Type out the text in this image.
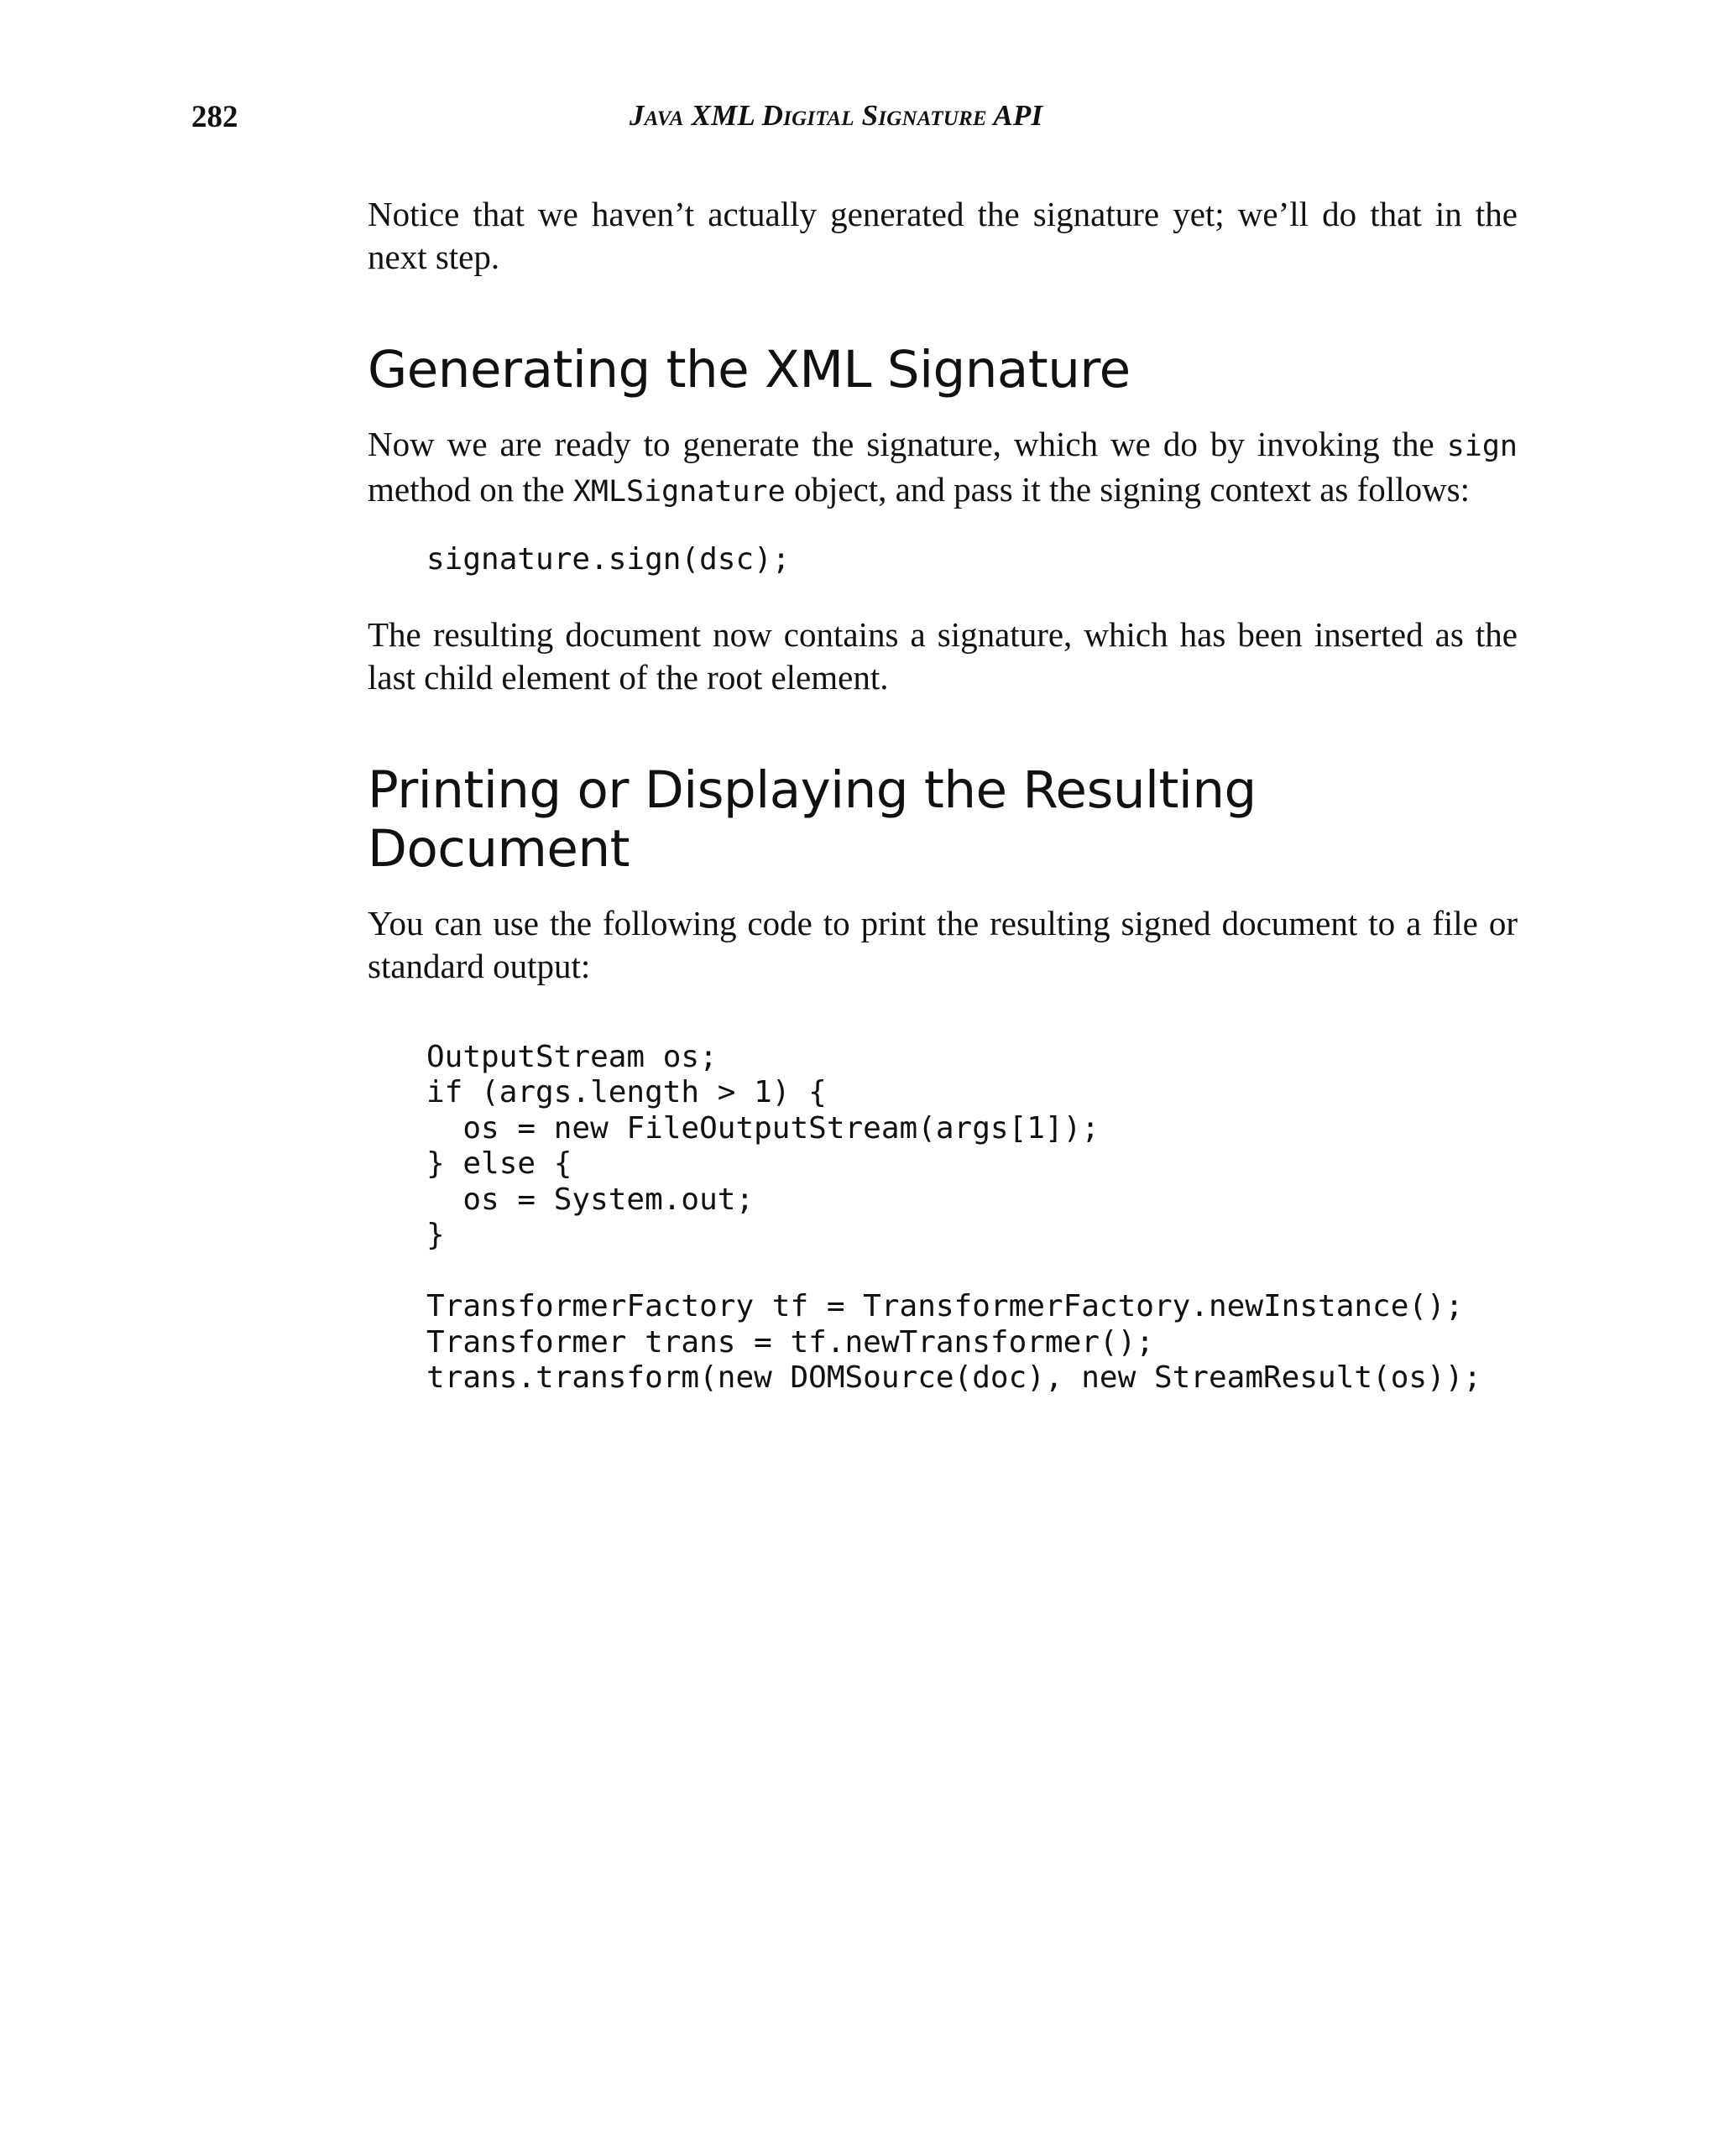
282	Java XML Digital Signature API

Notice that we haven’t actually generated the signature yet; we’ll do that in the next step.

Generating the XML Signature

Now we are ready to generate the signature, which we do by invoking the sign method on the XMLSignature object, and pass it the signing context as follows:

signature.sign(dsc);

The resulting document now contains a signature, which has been inserted as the last child element of the root element.

Printing or Displaying the Resulting Document

You can use the following code to print the resulting signed document to a file or standard output:

OutputStream os;
if (args.length > 1) {
os = new FileOutputStream(args[1]);
} else {
os = System.out;
}

TransformerFactory tf = TransformerFactory.newInstance();
Transformer trans = tf.newTransformer();
trans.transform(new DOMSource(doc), new StreamResult(os));
